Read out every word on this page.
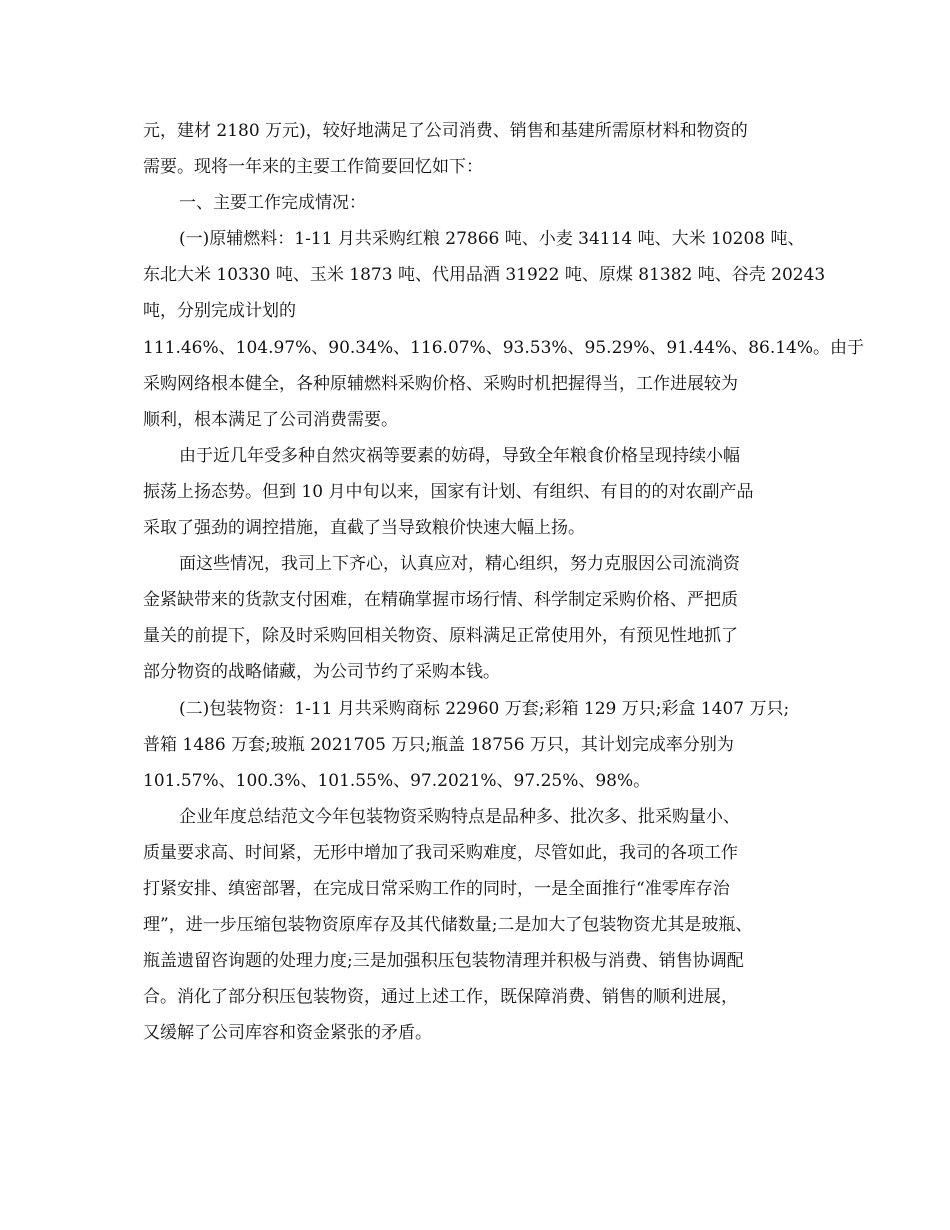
元，建材 2180 万元)，较好地满足了公司消费、销售和基建所需原材料和物资的
需要。现将一年来的主要工作简要回忆如下：
一、主要工作完成情况：
(一)原辅燃料：1-11 月共采购红粮 27866 吨、小麦 34114 吨、大米 10208 吨、
东北大米 10330 吨、玉米 1873 吨、代用品酒 31922 吨、原煤 81382 吨、谷壳 20243
吨，分别完成计划的
111.46%、104.97%、90.34%、116.07%、93.53%、95.29%、91.44%、86.14%。由于
采购网络根本健全，各种原辅燃料采购价格、采购时机把握得当，工作进展较为
顺利，根本满足了公司消费需要。
由于近几年受多种自然灾祸等要素的妨碍，导致全年粮食价格呈现持续小幅
振荡上扬态势。但到 10 月中旬以来，国家有计划、有组织、有目的的对农副产品
采取了强劲的调控措施，直截了当导致粮价快速大幅上扬。
面这些情况，我司上下齐心，认真应对，精心组织，努力克服因公司流淌资
金紧缺带来的货款支付困难，在精确掌握市场行情、科学制定采购价格、严把质
量关的前提下，除及时采购回相关物资、原料满足正常使用外，有预见性地抓了
部分物资的战略储藏，为公司节约了采购本钱。
(二)包装物资：1-11 月共采购商标 22960 万套;彩箱 129 万只;彩盒 1407 万只;
普箱 1486 万套;玻瓶 2021705 万只;瓶盖 18756 万只，其计划完成率分别为
101.57%、100.3%、101.55%、97.2021%、97.25%、98%。
企业年度总结范文今年包装物资采购特点是品种多、批次多、批采购量小、
质量要求高、时间紧，无形中增加了我司采购难度，尽管如此，我司的各项工作
打紧安排、缜密部署，在完成日常采购工作的同时，一是全面推行“准零库存治
理”，进一步压缩包装物资原库存及其代储数量;二是加大了包装物资尤其是玻瓶、
瓶盖遗留咨询题的处理力度;三是加强积压包装物清理并积极与消费、销售协调配
合。消化了部分积压包装物资，通过上述工作，既保障消费、销售的顺利进展，
又缓解了公司库容和资金紧张的矛盾。
